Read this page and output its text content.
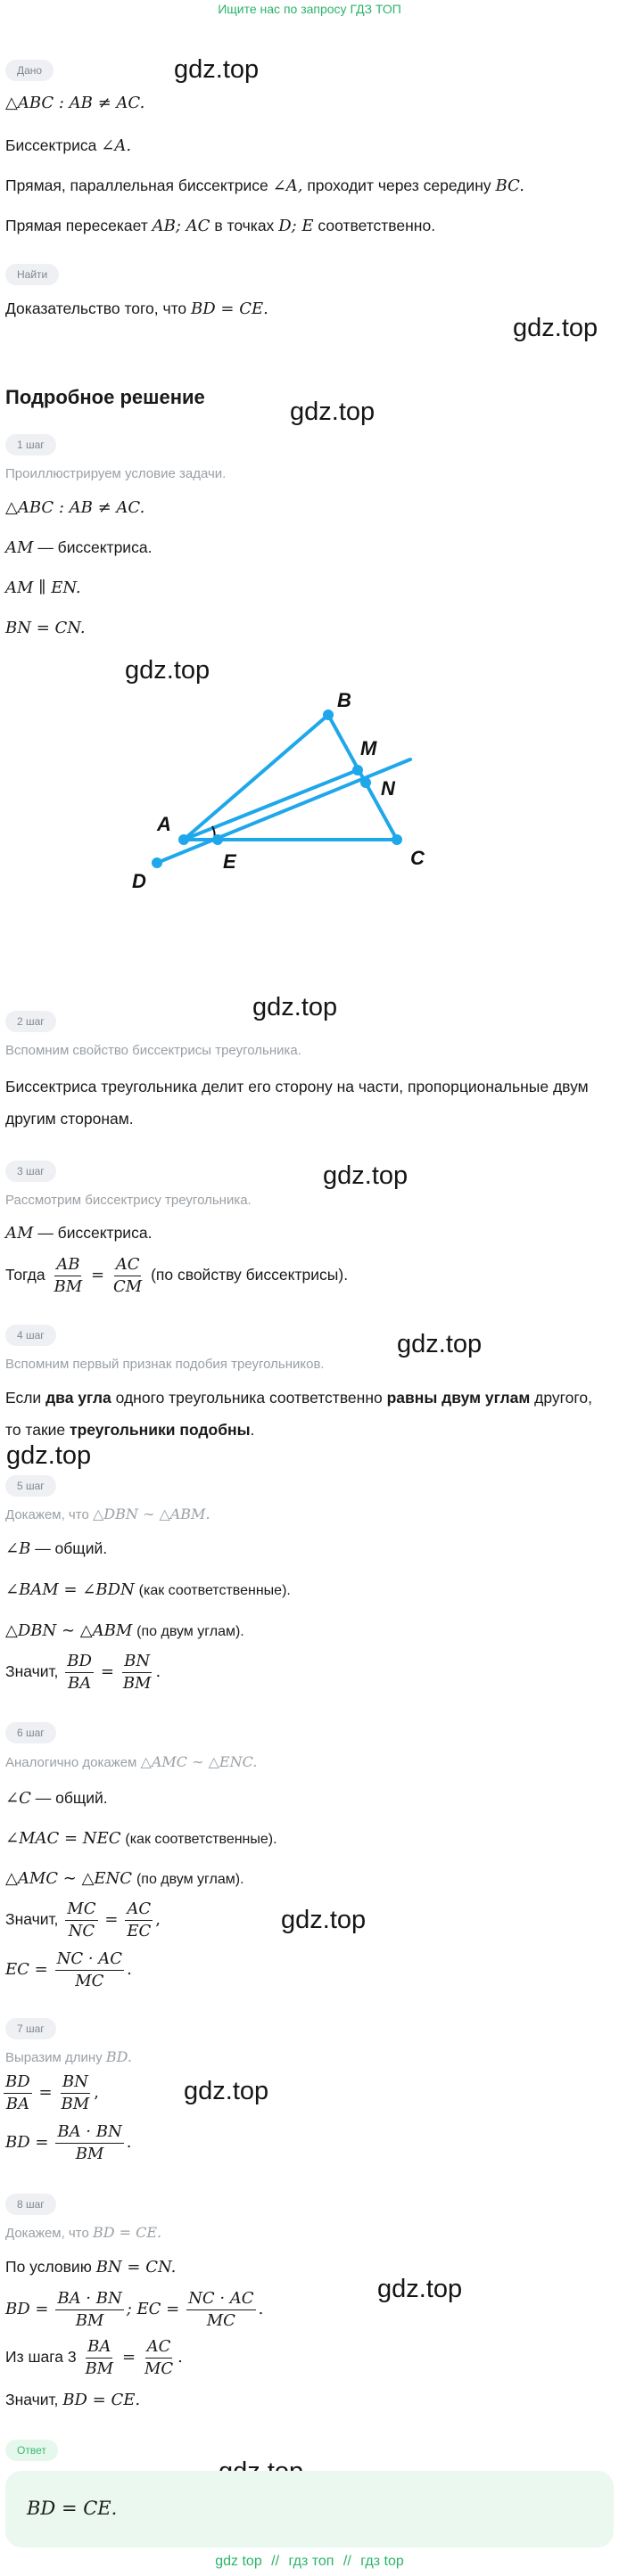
Ищите нас по запросу ГДЗ ТОП
gdz.top
gdz.top
gdz.top
gdz.top
gdz.top
gdz.top
gdz.top
gdz.top
gdz.top
gdz.top
gdz.top
Дано
△ABC : AB ≠ AC.
Биссектриса ∠A.
Прямая, параллельная биссектрисе ∠A, проходит через середину BC.
Прямая пересекает AB; AC в точках D; E соответственно.
Найти
Доказательство того, что BD = CE.
Подробное решение
1 шаг
Проиллюстрируем условие задачи.
△ABC : AB ≠ AC.
AM — биссектриса.
AM ∥ EN.
BN = CN.
B
M
N
C
A
E
D
2 шаг
Вспомним свойство биссектрисы треугольника.
Биссектриса треугольника делит его сторону на части, пропорциональные двум другим сторонам.
3 шаг
Рассмотрим биссектрису треугольника.
AM — биссектриса.
Тогда $\frac{AB}{BM} = \frac{AC}{CM} (по$ свойству биссектрисы).
4 шаг
Вспомним первый признак подобия треугольников.
Если два угла одного треугольника соответственно равны двум углам другого,
то такие треугольники подобны.
5 шаг
Докажем, что △DBN ∼ △ABM.
∠B — общий.
∠BAM = ∠BDN (как соответственные).
△DBN ∼ △ABM (по двум углам).
Значит, $\frac{BD}{BA} = \frac{BN}{BM}$ .
6 шаг
Аналогично докажем △AMC ∼ △ENC.
∠C — общий.
∠MAC = NEC (как соответственные).
△AMC ∼ △ENC (по двум углам).
Значит, $\frac{MC}{NC} = \frac{AC}{EC}$ ,
EC = $\frac{NC \cdot AC}{MC}$ .
7 шаг
Выразим длину BD.
$\frac{BD}{BA} = \frac{BN}{BM}$ ,
BD = $\frac{BA \cdot BN}{BM}$ .
8 шаг
Докажем, что BD = CE.
По условию BN = CN.
BD = $\frac{BA \cdot BN}{BM}$ ; EC = $\frac{NC \cdot AC}{MC}$ .
Из шага $3 \frac{BA}{BM} = \frac{AC}{MC}$ .
Значит, BD = CE.
Ответ
BD = CE.
gdz top // гдз топ // гдз top
